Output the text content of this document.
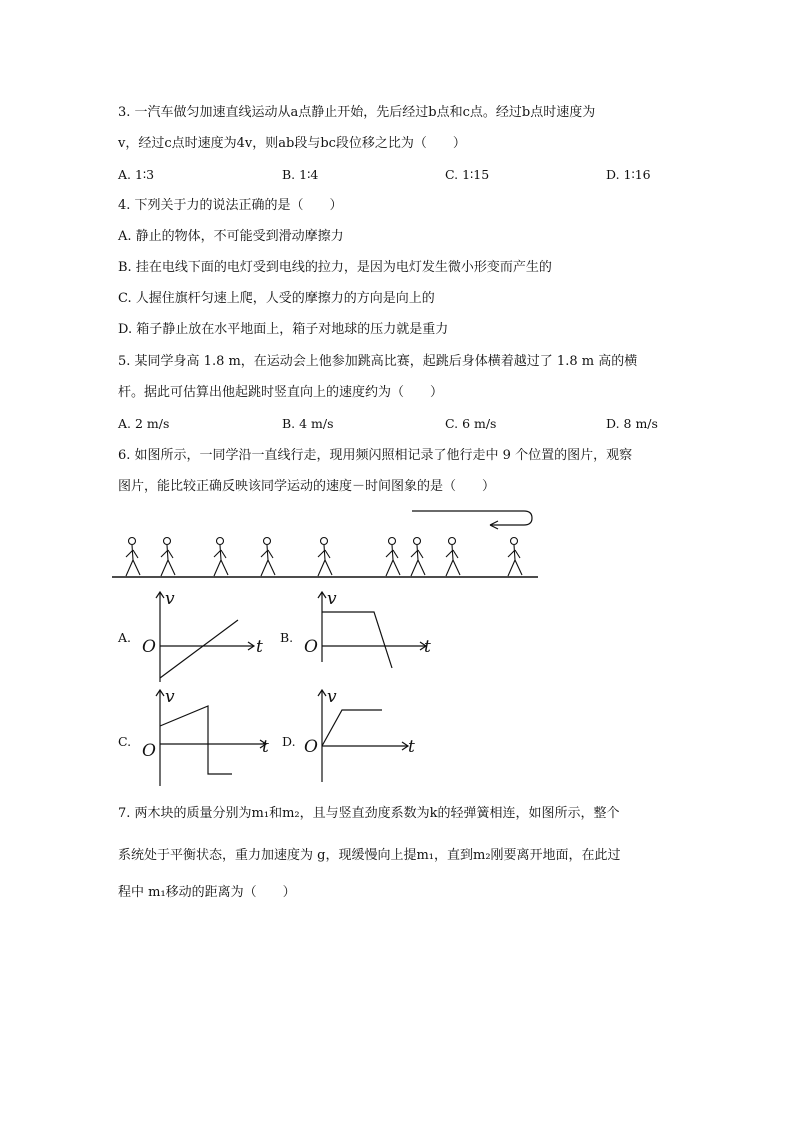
3. 一汽车做匀加速直线运动从a点静止开始，先后经过b点和c点。经过b点时速度为
v，经过c点时速度为4v，则ab段与bc段位移之比为（　　）
A. 1∶3	B. 1∶4	C. 1∶15	D. 1∶16
4. 下列关于力的说法正确的是（　　）
A. 静止的物体，不可能受到滑动摩擦力
B. 挂在电线下面的电灯受到电线的拉力，是因为电灯发生微小形变而产生的
C. 人握住旗杆匀速上爬，人受的摩擦力的方向是向上的
D. 箱子静止放在水平地面上，箱子对地球的压力就是重力
5. 某同学身高 1.8 m，在运动会上他参加跳高比赛，起跳后身体横着越过了 1.8 m 高的横
杆。据此可估算出他起跳时竖直向上的速度约为（　　）
A. 2 m/s	B. 4 m/s	C. 6 m/s	D. 8 m/s
6. 如图所示，一同学沿一直线行走，现用频闪照相记录了他行走中 9 个位置的图片，观察
图片，能比较正确反映该同学运动的速度－时间图象的是（　　）
A.
v
t
O	B.
v
t
O
C.
v
t
O	D.
v
t
O
7. 两木块的质量分别为m₁和m₂，且与竖直劲度系数为k的轻弹簧相连，如图所示，整个
系统处于平衡状态，重力加速度为 g，现缓慢向上提m₁，直到m₂刚要离开地面，在此过
程中 m₁移动的距离为（　　）
